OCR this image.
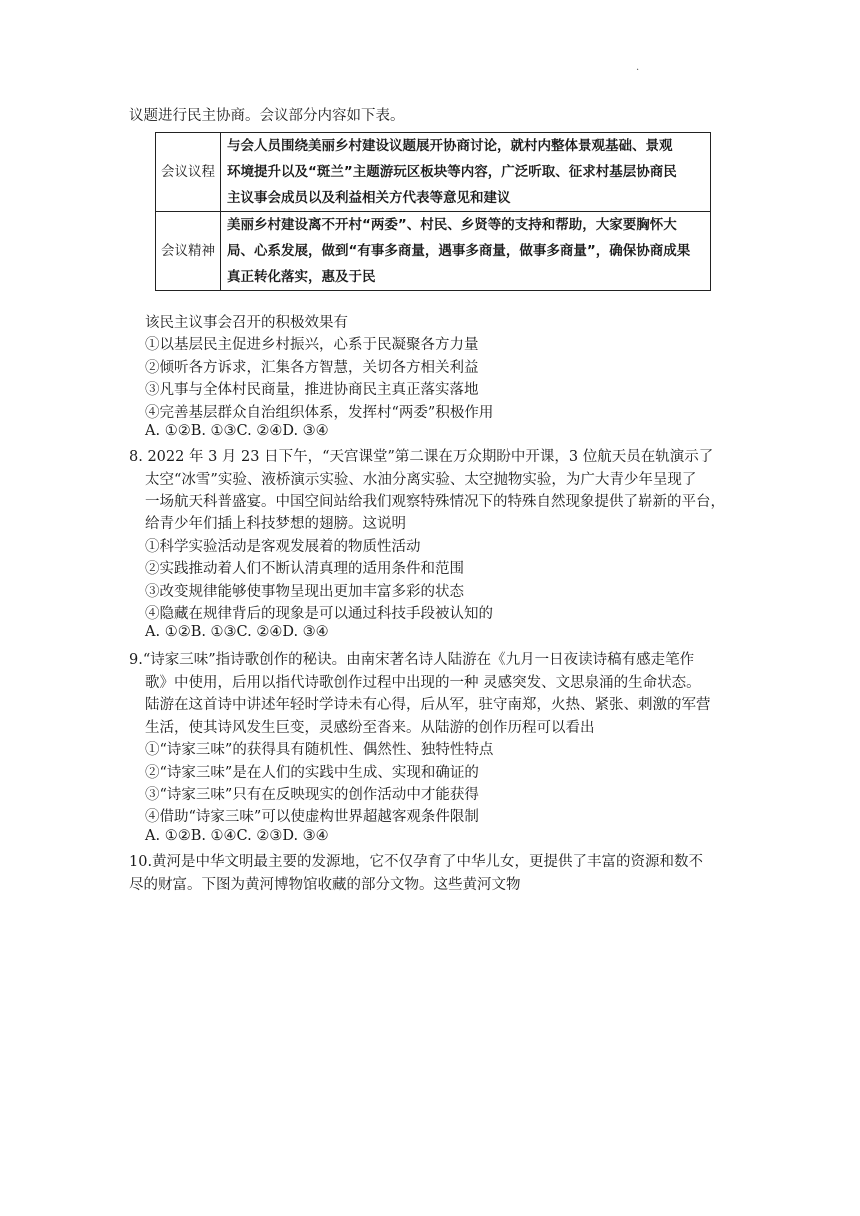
.
议题进行民主协商。会议部分内容如下表。
会议议程	与会人员围绕美丽乡村建设议题展开协商讨论，就村内整体景观基础、景观
环境提升以及“斑兰”主题游玩区板块等内容，广泛听取、征求村基层协商民
主议事会成员以及利益相关方代表等意见和建议

会议精神	美丽乡村建设离不开村“两委”、村民、乡贤等的支持和帮助，大家要胸怀大
局、心系发展，做到“有事多商量，遇事多商量，做事多商量”，确保协商成果
真正转化落实，惠及于民
该民主议事会召开的积极效果有
①以基层民主促进乡村振兴，心系于民凝聚各方力量
②倾听各方诉求，汇集各方智慧，关切各方相关利益
③凡事与全体村民商量，推进协商民主真正落实落地
④完善基层群众自治组织体系，发挥村“两委”积极作用
A. ①②B. ①③C. ②④D. ③④
8. 2022 年 3 月 23 日下午，“天宫课堂”第二课在万众期盼中开课，3 位航天员在轨演示了
太空“冰雪”实验、液桥演示实验、水油分离实验、太空抛物实验，为广大青少年呈现了
一场航天科普盛宴。中国空间站给我们观察特殊情况下的特殊自然现象提供了崭新的平台，
给青少年们插上科技梦想的翅膀。这说明
①科学实验活动是客观发展着的物质性活动
②实践推动着人们不断认清真理的适用条件和范围
③改变规律能够使事物呈现出更加丰富多彩的状态
④隐藏在规律背后的现象是可以通过科技手段被认知的
A. ①②B. ①③C. ②④D. ③④
9.“诗家三味”指诗歌创作的秘诀。由南宋著名诗人陆游在《九月一日夜读诗稿有感走笔作
歌》中使用，后用以指代诗歌创作过程中出现的一种 灵感突发、文思泉涌的生命状态。
陆游在这首诗中讲述年轻时学诗未有心得，后从军，驻守南郑，火热、紧张、刺激的军营
生活，使其诗风发生巨变，灵感纷至沓来。从陆游的创作历程可以看出
①“诗家三味”的获得具有随机性、偶然性、独特性特点
②“诗家三味”是在人们的实践中生成、实现和确证的
③“诗家三味”只有在反映现实的创作活动中才能获得
④借助“诗家三味”可以使虚构世界超越客观条件限制
A. ①②B. ①④C. ②③D. ③④
10.黄河是中华文明最主要的发源地，它不仅孕育了中华儿女，更提供了丰富的资源和数不
尽的财富。下图为黄河博物馆收藏的部分文物。这些黄河文物
